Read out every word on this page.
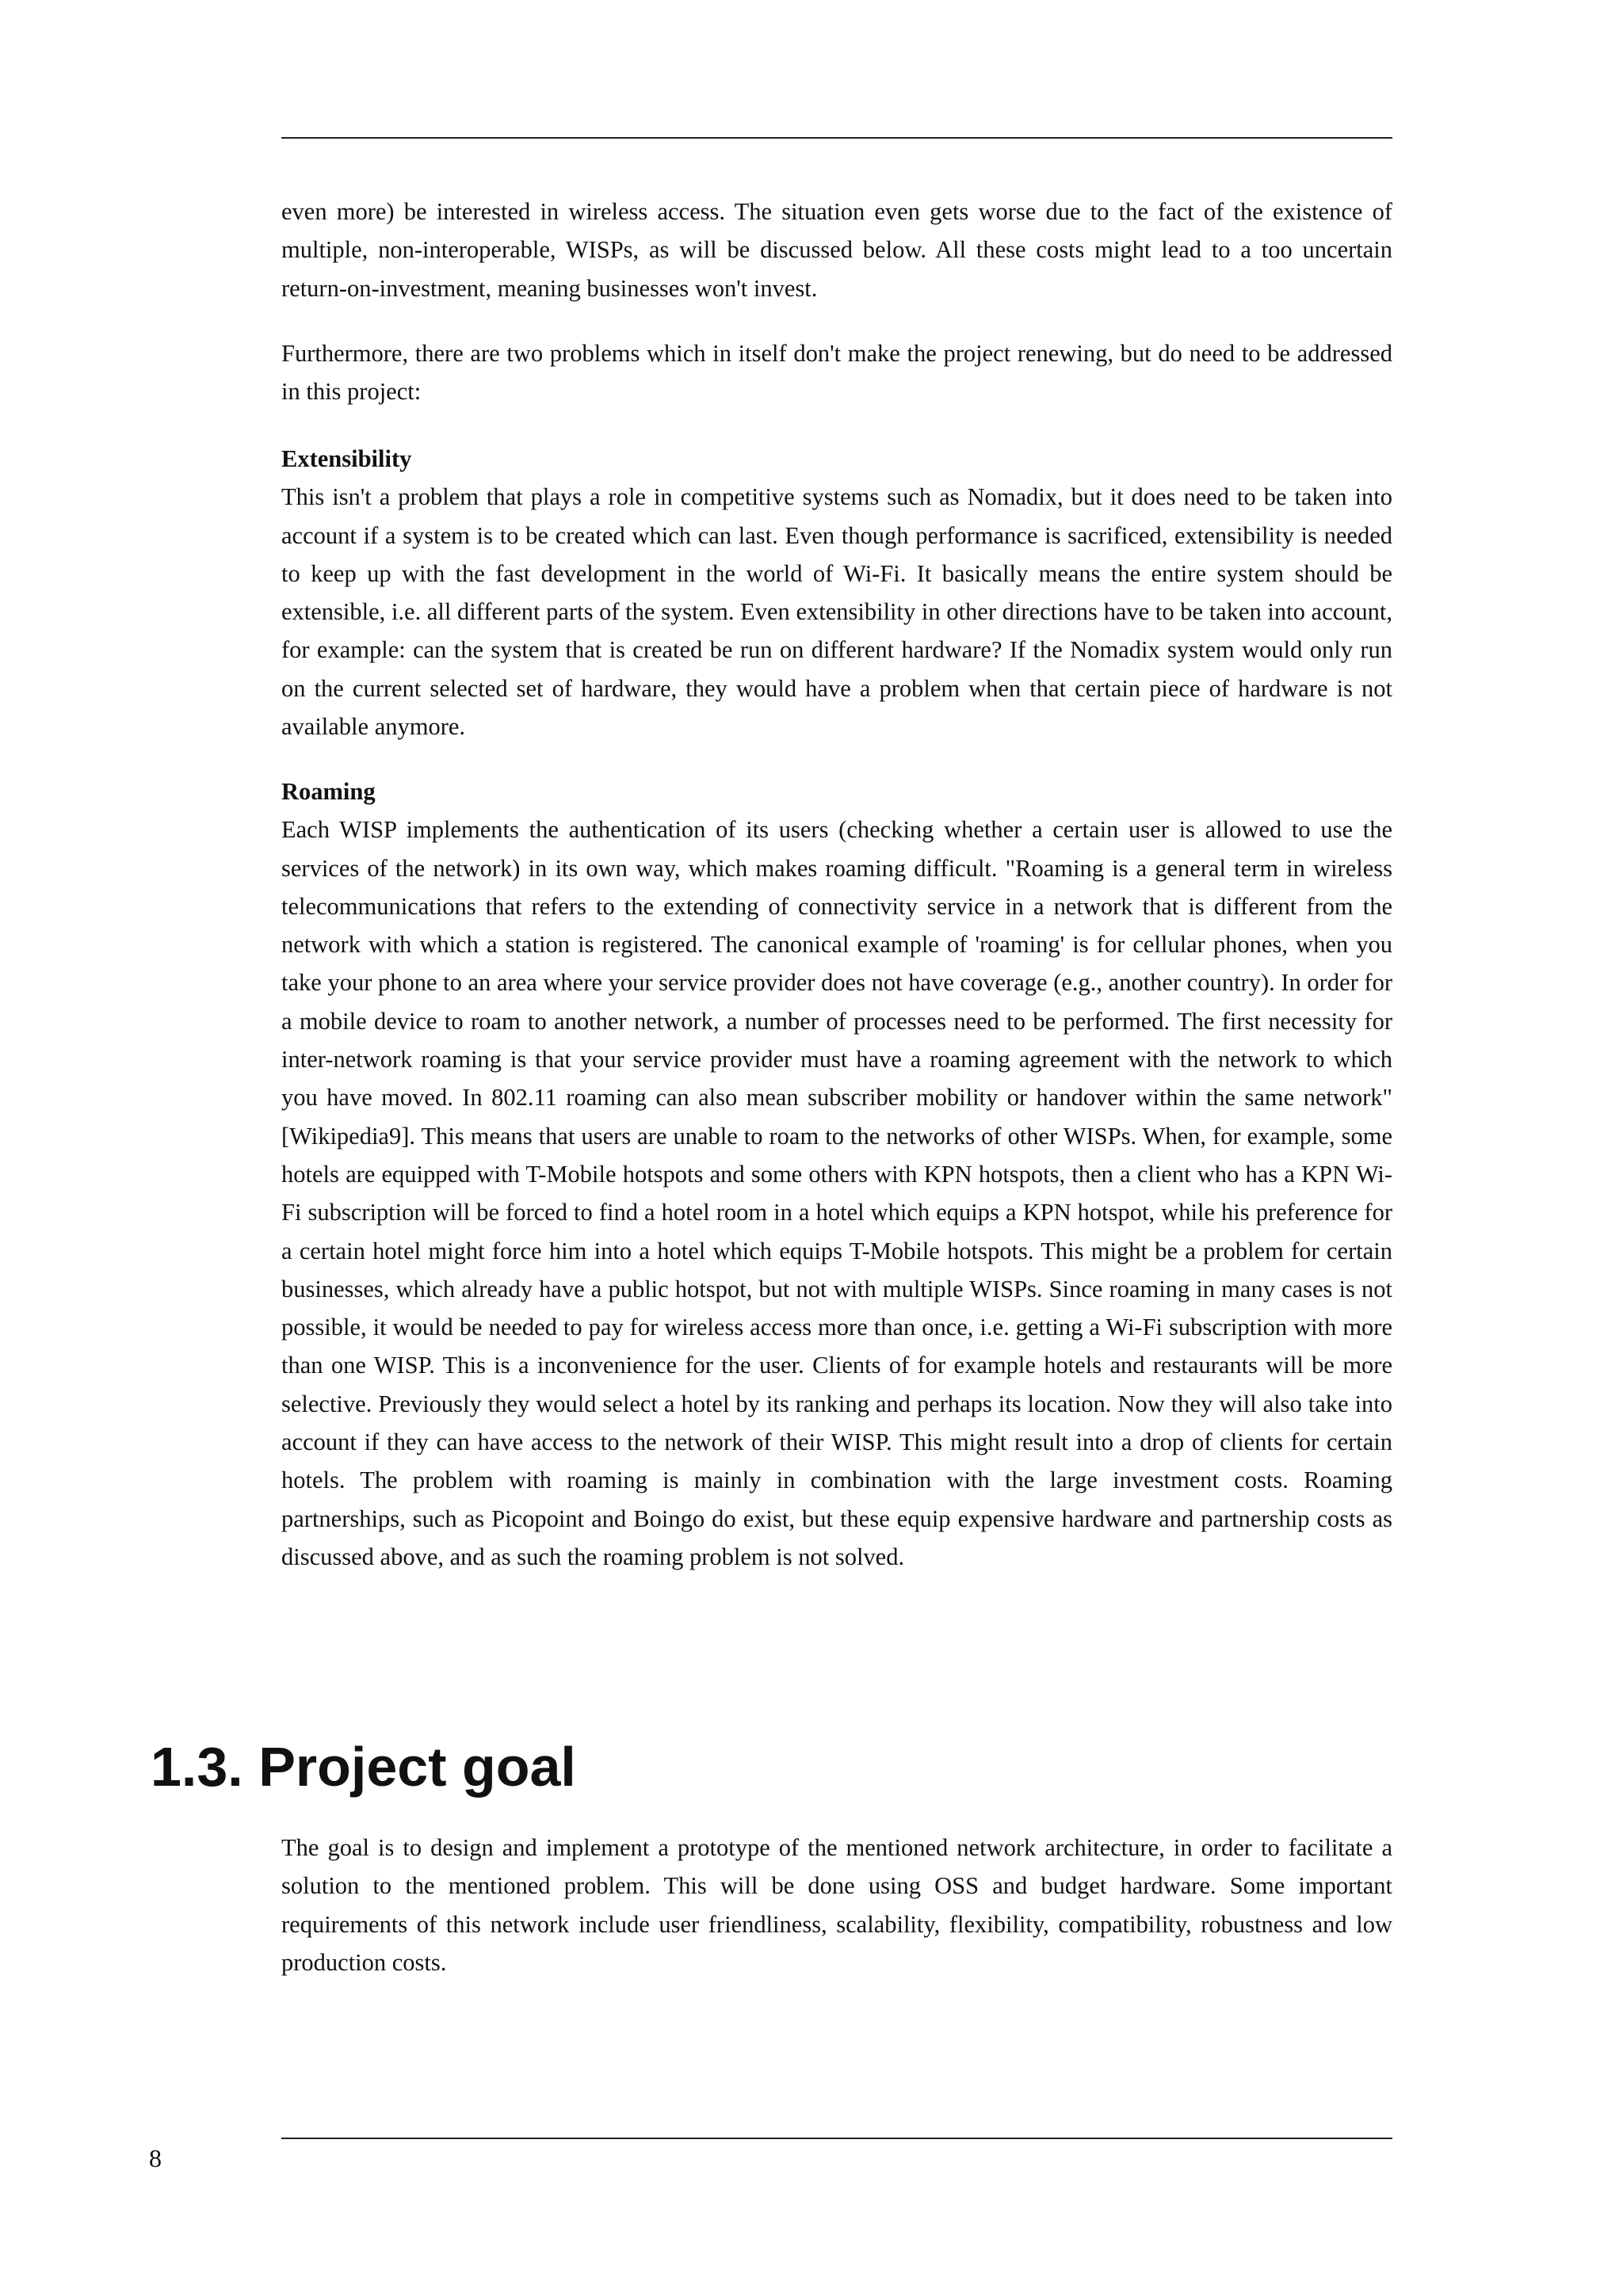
even more) be interested in wireless access. The situation even gets worse due to the fact of the existence of multiple, non-interoperable, WISPs, as will be discussed below. All these costs might lead to a too uncertain return-on-investment, meaning businesses won't invest.

Furthermore, there are two problems which in itself don't make the project renewing, but do need to be addressed in this project:

Extensibility

This isn't a problem that plays a role in competitive systems such as Nomadix, but it does need to be taken into account if a system is to be created which can last. Even though performance is sacrificed, extensibility is needed to keep up with the fast development in the world of Wi-Fi. It basically means the entire system should be extensible, i.e. all different parts of the system. Even extensibility in other directions have to be taken into account, for example: can the system that is created be run on different hardware? If the Nomadix system would only run on the current selected set of hardware, they would have a problem when that certain piece of hardware is not available anymore.

Roaming

Each WISP implements the authentication of its users (checking whether a certain user is allowed to use the services of the network) in its own way, which makes roaming difficult. "Roaming is a general term in wireless telecommunications that refers to the extending of connectivity service in a network that is different from the network with which a station is registered. The canonical example of 'roaming' is for cellular phones, when you take your phone to an area where your service provider does not have coverage (e.g., another country). In order for a mobile device to roam to another network, a number of processes need to be performed. The first necessity for inter-network roaming is that your service provider must have a roaming agreement with the network to which you have moved. In 802.11 roaming can also mean subscriber mobility or handover within the same network" [Wikipedia9]. This means that users are unable to roam to the networks of other WISPs. When, for example, some hotels are equipped with T-Mobile hotspots and some others with KPN hotspots, then a client who has a KPN Wi-Fi subscription will be forced to find a hotel room in a hotel which equips a KPN hotspot, while his preference for a certain hotel might force him into a hotel which equips T-Mobile hotspots. This might be a problem for certain businesses, which already have a public hotspot, but not with multiple WISPs. Since roaming in many cases is not possible, it would be needed to pay for wireless access more than once, i.e. getting a Wi-Fi subscription with more than one WISP. This is a inconvenience for the user. Clients of for example hotels and restaurants will be more selective. Previously they would select a hotel by its ranking and perhaps its location. Now they will also take into account if they can have access to the network of their WISP. This might result into a drop of clients for certain hotels. The problem with roaming is mainly in combination with the large investment costs. Roaming partnerships, such as Picopoint and Boingo do exist, but these equip expensive hardware and partnership costs as discussed above, and as such the roaming problem is not solved.

1.3. Project goal

The goal is to design and implement a prototype of the mentioned network architecture, in order to facilitate a solution to the mentioned problem. This will be done using OSS and budget hardware. Some important requirements of this network include user friendliness, scalability, flexibility, compatibility, robustness and low production costs.

8
